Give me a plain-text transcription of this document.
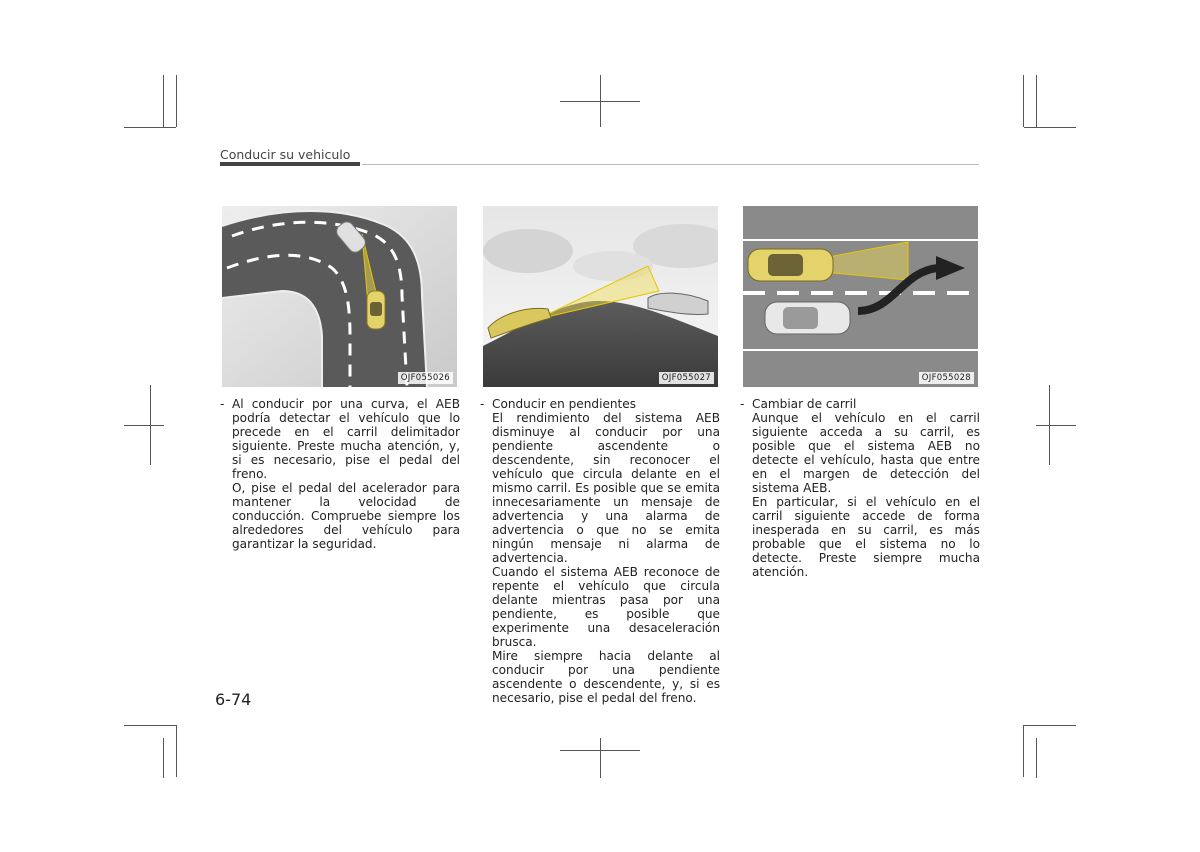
Conducir su vehiculo
OJF055026	OJF055027	OJF055028
- Al conducir por una curva, el AEB podría detectar el vehículo que lo precede en el carril delimitador siguiente. Preste mucha atención, y, si es necesario, pise el pedal del freno.

O, pise el pedal del acelerador para mantener la velocidad de conducción. Compruebe siempre los alrededores del vehículo para garantizar la seguridad.

- Conducir en pendientes

El rendimiento del sistema AEB disminuye al conducir por una pendiente ascendente o descendente, sin reconocer el vehículo que circula delante en el mismo carril. Es posible que se emita innecesariamente un mensaje de advertencia y una alarma de advertencia o que no se emita ningún mensaje ni alarma de advertencia.

Cuando el sistema AEB reconoce de repente el vehículo que circula delante mientras pasa por una pendiente, es posible que experimente una desaceleración brusca.

Mire siempre hacia delante al conducir por una pendiente ascendente o descendente, y, si es necesario, pise el pedal del freno.

- Cambiar de carril

Aunque el vehículo en el carril siguiente acceda a su carril, es posible que el sistema AEB no detecte el vehículo, hasta que entre en el margen de detección del sistema AEB.

En particular, si el vehículo en el carril siguiente accede de forma inesperada en su carril, es más probable que el sistema no lo detecte. Preste siempre mucha atención.

6-74
